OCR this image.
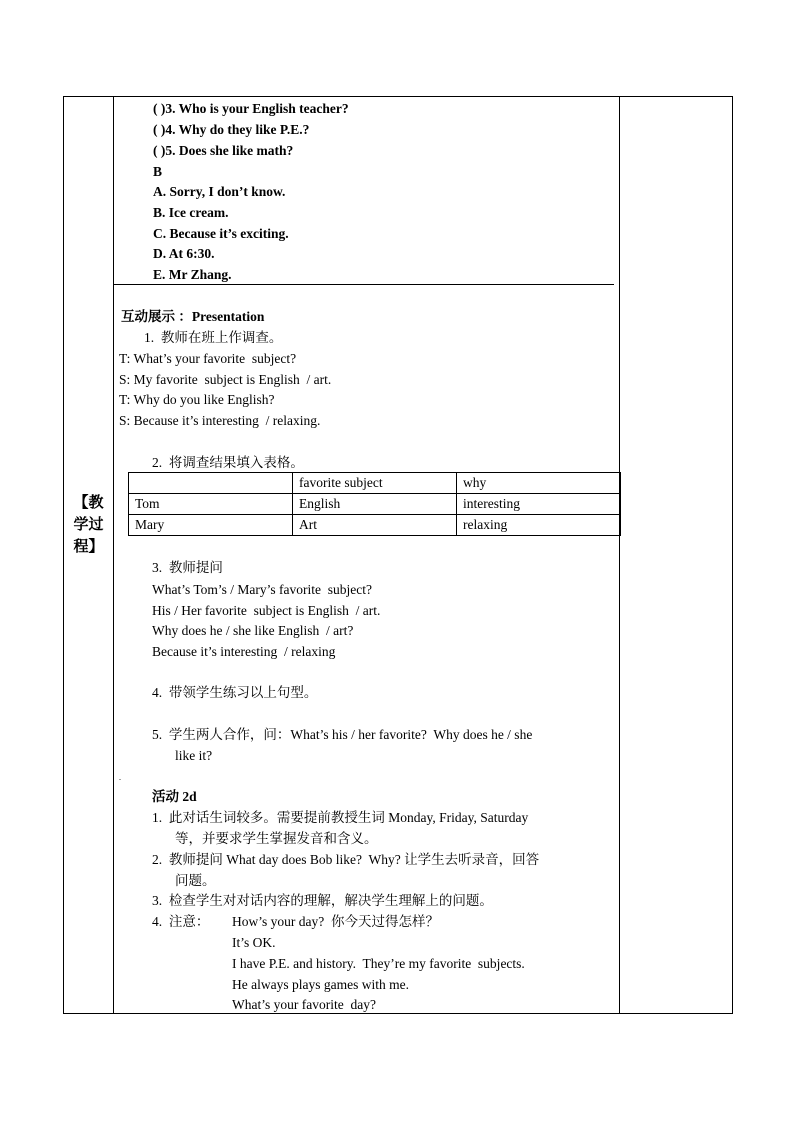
【教学过程】
( )3. Who is your English teacher?
( )4. Why do they like P.E.?
( )5. Does she like math?
B
A. Sorry, I don’t know.
B. Ice cream.
C. Because it’s exciting.
D. At 6:30.
E. Mr Zhang.
互动展示 ：Presentation
1.  教师在班上作调查。
T: What’s your favorite  subject?
S: My favorite  subject is English  / art.
T: Why do you like English?
S: Because it’s interesting  / relaxing.
2.  将调查结果填入表格。
	favorite subject	why
Tom	English	interesting
Mary	Art	relaxing
3.  教师提问
What’s Tom’s / Mary’s favorite  subject?
His / Her favorite  subject is English  / art.
Why does he / she like English  / art?
Because it’s interesting  / relaxing
4.  带领学生练习以上句型。
5.  学生两人合作，问：What’s his / her favorite?  Why does he / she
like it?
.
活动 2d
1.  此对话生词较多。需要提前教授生词 Monday, Friday, Saturday
等，并要求学生掌握发音和含义。
2.  教师提问 What day does Bob like?  Why? 让学生去听录音，回答
问题。
3.  检查学生对对话内容的理解，解决学生理解上的问题。
4.  注意： How’s your day?  你今天过得怎样？
It’s OK.
I have P.E. and history.  They’re my favorite  subjects.
He always plays games with me.
What’s your favorite  day?
